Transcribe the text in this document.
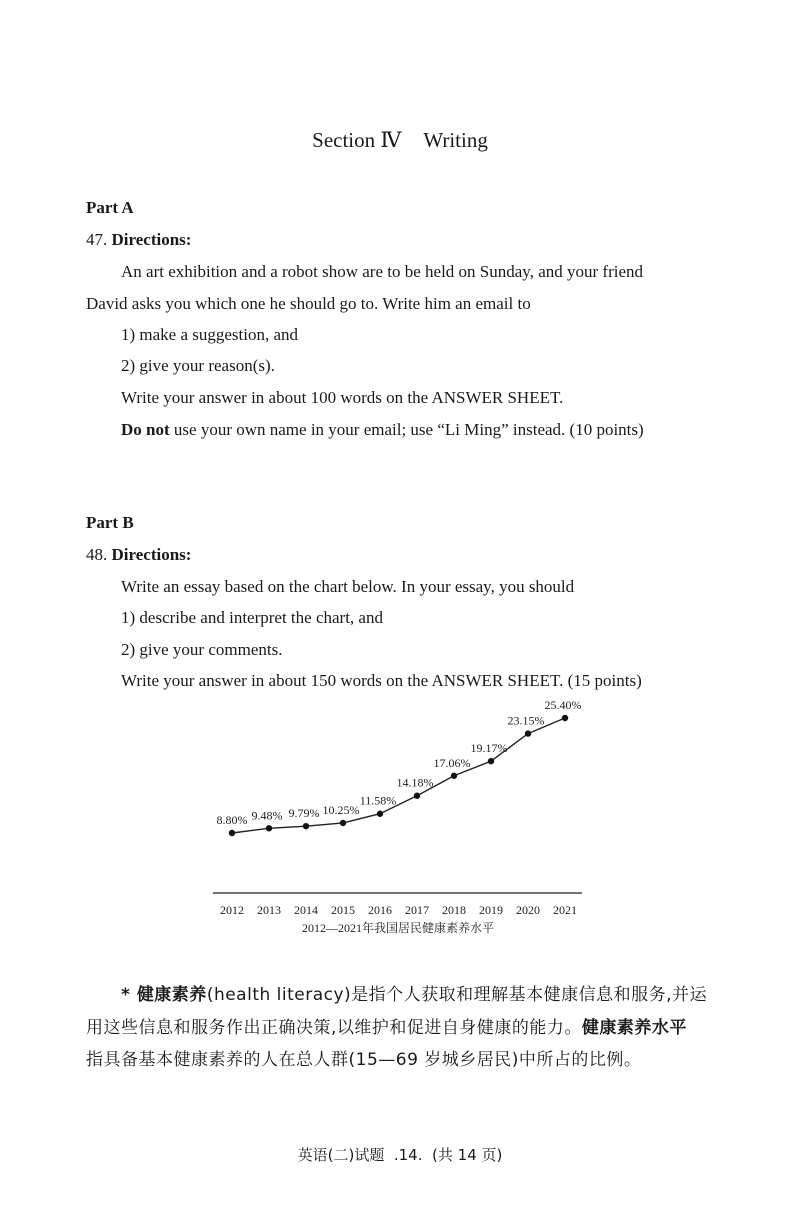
Section Ⅳ Writing
Part A
47. Directions:
An art exhibition and a robot show are to be held on Sunday, and your friend
David asks you which one he should go to. Write him an email to
1) make a suggestion, and
2) give your reason(s).
Write your answer in about 100 words on the ANSWER SHEET.
Do not use your own name in your email; use “Li Ming” instead. (10 points)
Part B
48. Directions:
Write an essay based on the chart below. In your essay, you should
1) describe and interpret the chart, and
2) give your comments.
Write your answer in about 150 words on the ANSWER SHEET. (15 points)
8.80% 9.48% 9.79% 10.25%
11.58%
14.18%
17.06%
19.17%
23.15%
25.40%
2012 2013 2014 2015 2016 2017 2018 2019 2020 2021
2012—2021年我国居民健康素养水平
* 健康素养(health literacy)是指个人获取和理解基本健康信息和服务,并运
用这些信息和服务作出正确决策,以维护和促进自身健康的能力。健康素养水平
指具备基本健康素养的人在总人群(15—69 岁城乡居民)中所占的比例。
英语(二)试题  .14.  (共 14 页)
